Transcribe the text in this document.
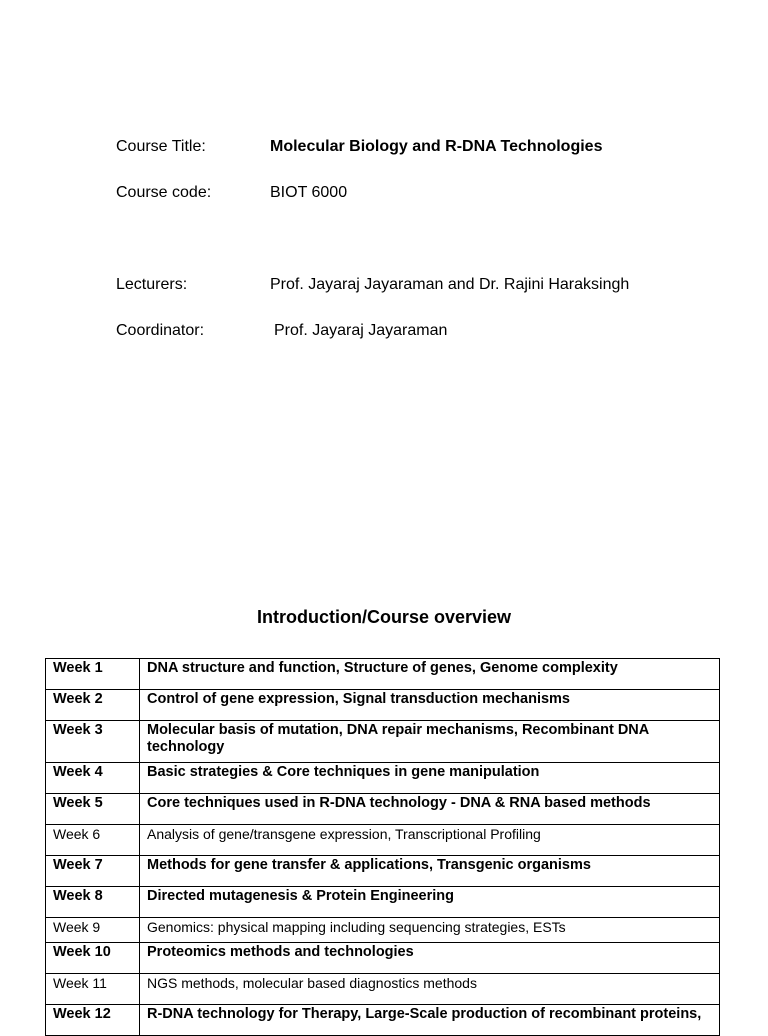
Course Title:	Molecular Biology and R-DNA Technologies
Course code:	BIOT 6000
Lecturers:	Prof. Jayaraj Jayaraman and Dr. Rajini Haraksingh
Coordinator:	Prof. Jayaraj Jayaraman
Introduction/Course overview
Week 1	DNA structure and function, Structure of genes, Genome complexity
Week 2	Control of gene expression, Signal transduction mechanisms
Week 3	Molecular basis of mutation, DNA repair mechanisms, Recombinant DNA technology
Week 4	Basic strategies & Core techniques in gene manipulation
Week 5	Core techniques used in R-DNA technology - DNA & RNA based methods
Week 6	Analysis of gene/transgene expression, Transcriptional Profiling
Week 7	Methods for gene transfer & applications, Transgenic organisms
Week 8	Directed mutagenesis & Protein Engineering
Week 9	Genomics: physical mapping including sequencing strategies, ESTs
Week 10	Proteomics methods and technologies
Week 11	NGS methods, molecular based diagnostics methods
Week 12	R-DNA technology for Therapy, Large-Scale production of recombinant proteins,
